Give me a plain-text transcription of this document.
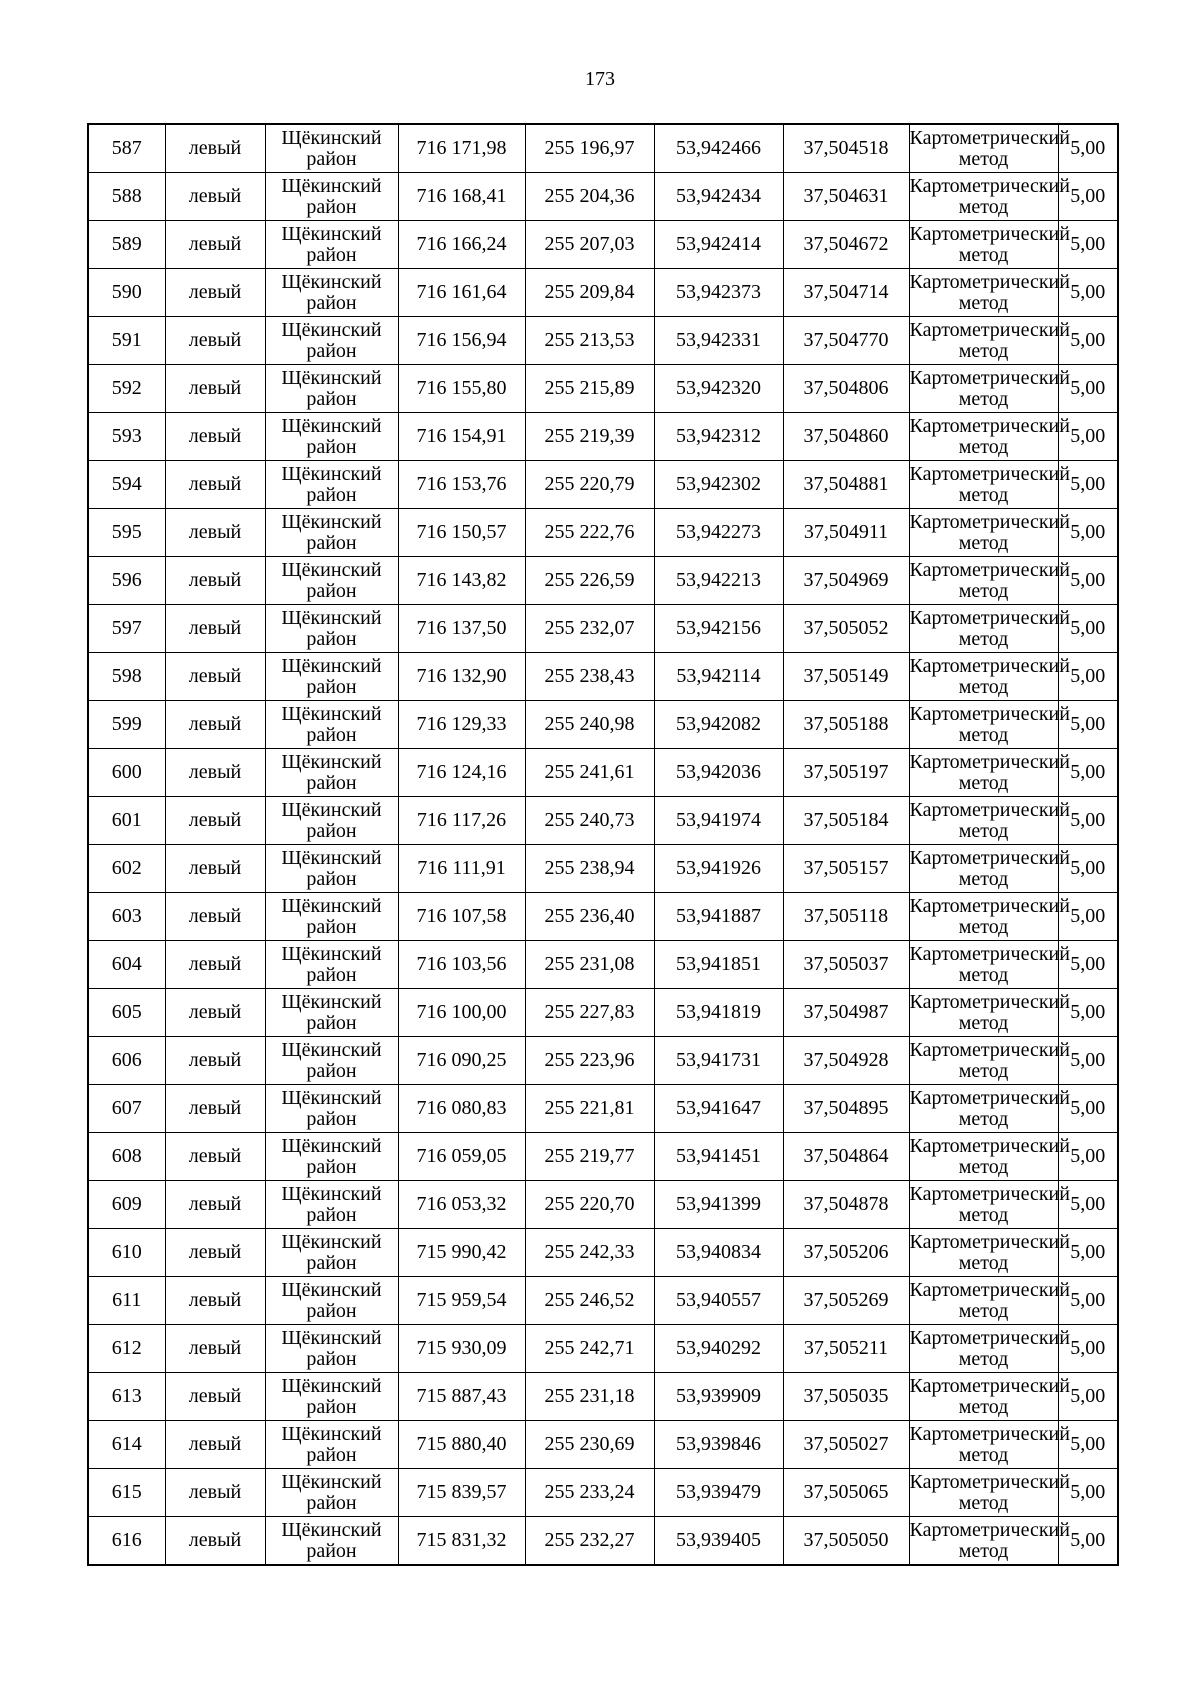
173
587	левый	Щёкинский район	716 171,98	255 196,97	53,942466	37,504518	Картометрический метод	5,00
588	левый	Щёкинский район	716 168,41	255 204,36	53,942434	37,504631	Картометрический метод	5,00
589	левый	Щёкинский район	716 166,24	255 207,03	53,942414	37,504672	Картометрический метод	5,00
590	левый	Щёкинский район	716 161,64	255 209,84	53,942373	37,504714	Картометрический метод	5,00
591	левый	Щёкинский район	716 156,94	255 213,53	53,942331	37,504770	Картометрический метод	5,00
592	левый	Щёкинский район	716 155,80	255 215,89	53,942320	37,504806	Картометрический метод	5,00
593	левый	Щёкинский район	716 154,91	255 219,39	53,942312	37,504860	Картометрический метод	5,00
594	левый	Щёкинский район	716 153,76	255 220,79	53,942302	37,504881	Картометрический метод	5,00
595	левый	Щёкинский район	716 150,57	255 222,76	53,942273	37,504911	Картометрический метод	5,00
596	левый	Щёкинский район	716 143,82	255 226,59	53,942213	37,504969	Картометрический метод	5,00
597	левый	Щёкинский район	716 137,50	255 232,07	53,942156	37,505052	Картометрический метод	5,00
598	левый	Щёкинский район	716 132,90	255 238,43	53,942114	37,505149	Картометрический метод	5,00
599	левый	Щёкинский район	716 129,33	255 240,98	53,942082	37,505188	Картометрический метод	5,00
600	левый	Щёкинский район	716 124,16	255 241,61	53,942036	37,505197	Картометрический метод	5,00
601	левый	Щёкинский район	716 117,26	255 240,73	53,941974	37,505184	Картометрический метод	5,00
602	левый	Щёкинский район	716 111,91	255 238,94	53,941926	37,505157	Картометрический метод	5,00
603	левый	Щёкинский район	716 107,58	255 236,40	53,941887	37,505118	Картометрический метод	5,00
604	левый	Щёкинский район	716 103,56	255 231,08	53,941851	37,505037	Картометрический метод	5,00
605	левый	Щёкинский район	716 100,00	255 227,83	53,941819	37,504987	Картометрический метод	5,00
606	левый	Щёкинский район	716 090,25	255 223,96	53,941731	37,504928	Картометрический метод	5,00
607	левый	Щёкинский район	716 080,83	255 221,81	53,941647	37,504895	Картометрический метод	5,00
608	левый	Щёкинский район	716 059,05	255 219,77	53,941451	37,504864	Картометрический метод	5,00
609	левый	Щёкинский район	716 053,32	255 220,70	53,941399	37,504878	Картометрический метод	5,00
610	левый	Щёкинский район	715 990,42	255 242,33	53,940834	37,505206	Картометрический метод	5,00
611	левый	Щёкинский район	715 959,54	255 246,52	53,940557	37,505269	Картометрический метод	5,00
612	левый	Щёкинский район	715 930,09	255 242,71	53,940292	37,505211	Картометрический метод	5,00
613	левый	Щёкинский район	715 887,43	255 231,18	53,939909	37,505035	Картометрический метод	5,00
614	левый	Щёкинский район	715 880,40	255 230,69	53,939846	37,505027	Картометрический метод	5,00
615	левый	Щёкинский район	715 839,57	255 233,24	53,939479	37,505065	Картометрический метод	5,00
616	левый	Щёкинский район	715 831,32	255 232,27	53,939405	37,505050	Картометрический метод	5,00
